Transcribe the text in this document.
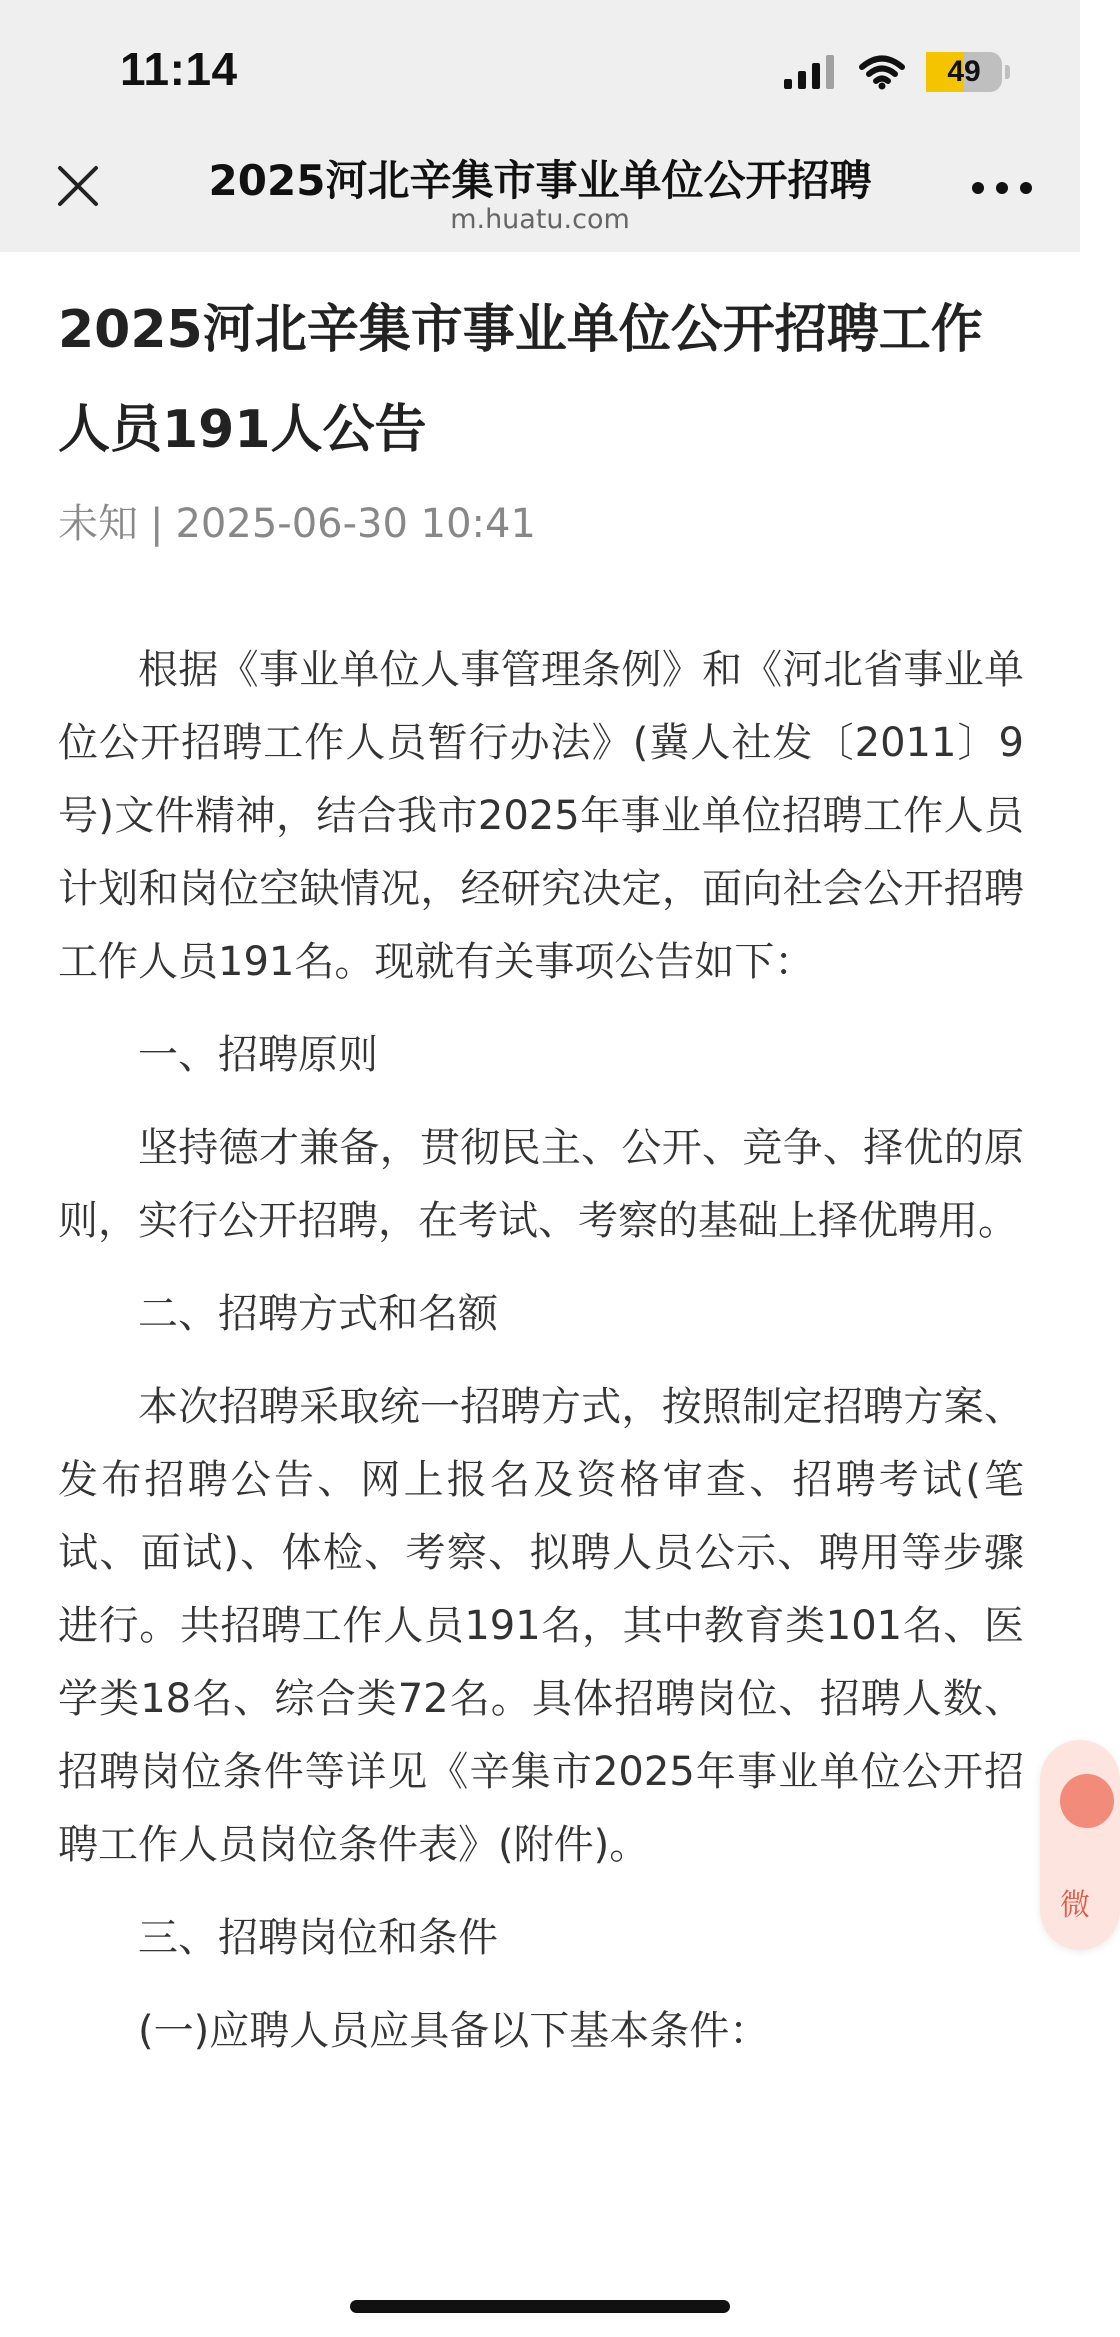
11:14	49
2025河北辛集市事业单位公开招聘
m.huatu.com
2025河北辛集市事业单位公开招聘工作人员191人公告
未知 | 2025-06-30 10:41

根据《事业单位人事管理条例》和《河北省事业单位公开招聘工作人员暂行办法》(冀人社发〔2011〕9号)文件精神，结合我市2025年事业单位招聘工作人员计划和岗位空缺情况，经研究决定，面向社会公开招聘工作人员191名。现就有关事项公告如下：

一、招聘原则

坚持德才兼备，贯彻民主、公开、竞争、择优的原则，实行公开招聘，在考试、考察的基础上择优聘用。

二、招聘方式和名额

本次招聘采取统一招聘方式，按照制定招聘方案、发布招聘公告、网上报名及资格审查、招聘考试(笔试、面试)、体检、考察、拟聘人员公示、聘用等步骤进行。共招聘工作人员191名，其中教育类101名、医学类18名、综合类72名。具体招聘岗位、招聘人数、招聘岗位条件等详见《辛集市2025年事业单位公开招聘工作人员岗位条件表》(附件)。

三、招聘岗位和条件

(一)应聘人员应具备以下基本条件：

微
